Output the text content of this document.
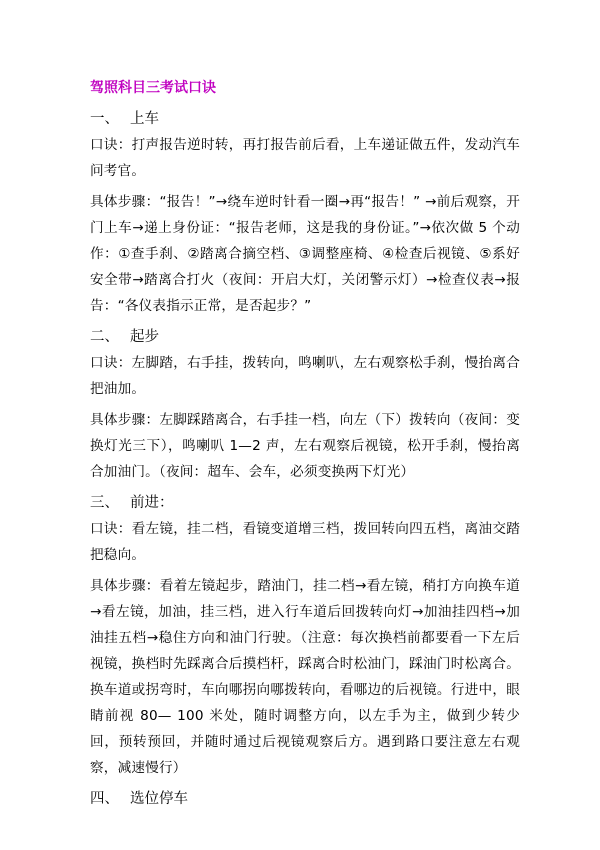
驾照科目三考试口诀

一、 上车

口诀：打声报告逆时转，再打报告前后看，上车递证做五件，发动汽车问考官。

具体步骤：“报告！”→绕车逆时针看一圈→再“报告！” →前后观察，开门上车→递上身份证：“报告老师，这是我的身份证。”→依次做 5 个动作：①查手刹、②踏离合摘空档、③调整座椅、④检查后视镜、⑤系好安全带→踏离合打火（夜间：开启大灯，关闭警示灯）→检查仪表→报告：“各仪表指示正常，是否起步？”

二、 起步

口诀：左脚踏，右手挂，拨转向，鸣喇叭，左右观察松手刹，慢抬离合把油加。

具体步骤：左脚踩踏离合，右手挂一档，向左（下）拨转向（夜间：变换灯光三下），鸣喇叭 1—2 声，左右观察后视镜，松开手刹，慢抬离合加油门。（夜间：超车、会车，必须变换两下灯光）

三、 前进：

口诀：看左镜，挂二档，看镜变道增三档，拨回转向四五档，离油交踏把稳向。

具体步骤：看着左镜起步，踏油门，挂二档→看左镜，稍打方向换车道→看左镜，加油，挂三档，进入行车道后回拨转向灯→加油挂四档→加油挂五档→稳住方向和油门行驶。（注意：每次换档前都要看一下左后视镜，换档时先踩离合后摸档杆，踩离合时松油门，踩油门时松离合。换车道或拐弯时，车向哪拐向哪拨转向，看哪边的后视镜。行进中，眼睛前视 80— 100 米处，随时调整方向，以左手为主，做到少转少回，预转预回，并随时通过后视镜观察后方。遇到路口要注意左右观察，减速慢行）

四、 选位停车
